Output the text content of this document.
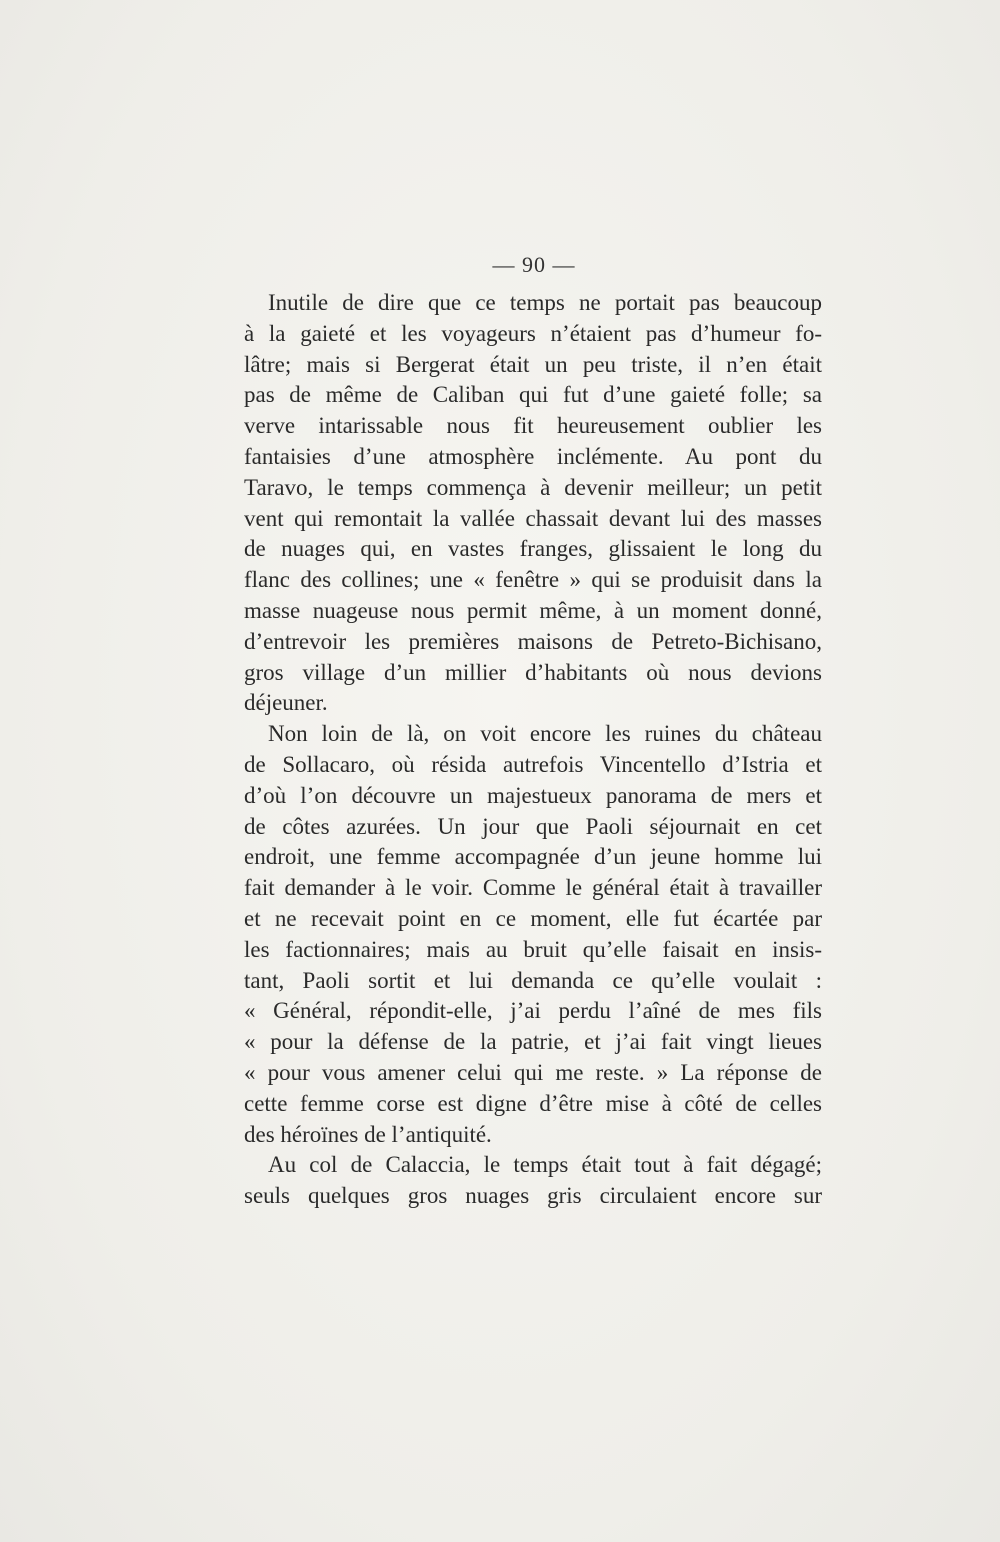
— 90 —
Inutile de dire que ce temps ne portait pas beaucoup
à la gaieté et les voyageurs n’étaient pas d’humeur fo-
lâtre; mais si Bergerat était un peu triste, il n’en était
pas de même de Caliban qui fut d’une gaieté folle; sa
verve intarissable nous fit heureusement oublier les
fantaisies d’une atmosphère inclémente. Au pont du
Taravo, le temps commença à devenir meilleur; un petit
vent qui remontait la vallée chassait devant lui des masses
de nuages qui, en vastes franges, glissaient le long du
flanc des collines; une « fenêtre » qui se produisit dans la
masse nuageuse nous permit même, à un moment donné,
d’entrevoir les premières maisons de Petreto-Bichisano,
gros village d’un millier d’habitants où nous devions
déjeuner.
Non loin de là, on voit encore les ruines du château
de Sollacaro, où résida autrefois Vincentello d’Istria et
d’où l’on découvre un majestueux panorama de mers et
de côtes azurées. Un jour que Paoli séjournait en cet
endroit, une femme accompagnée d’un jeune homme lui
fait demander à le voir. Comme le général était à travailler
et ne recevait point en ce moment, elle fut écartée par
les factionnaires; mais au bruit qu’elle faisait en insis-
tant, Paoli sortit et lui demanda ce qu’elle voulait :
« Général, répondit-elle, j’ai perdu l’aîné de mes fils
« pour la défense de la patrie, et j’ai fait vingt lieues
« pour vous amener celui qui me reste. » La réponse de
cette femme corse est digne d’être mise à côté de celles
des héroïnes de l’antiquité.
Au col de Calaccia, le temps était tout à fait dégagé;
seuls quelques gros nuages gris circulaient encore sur
